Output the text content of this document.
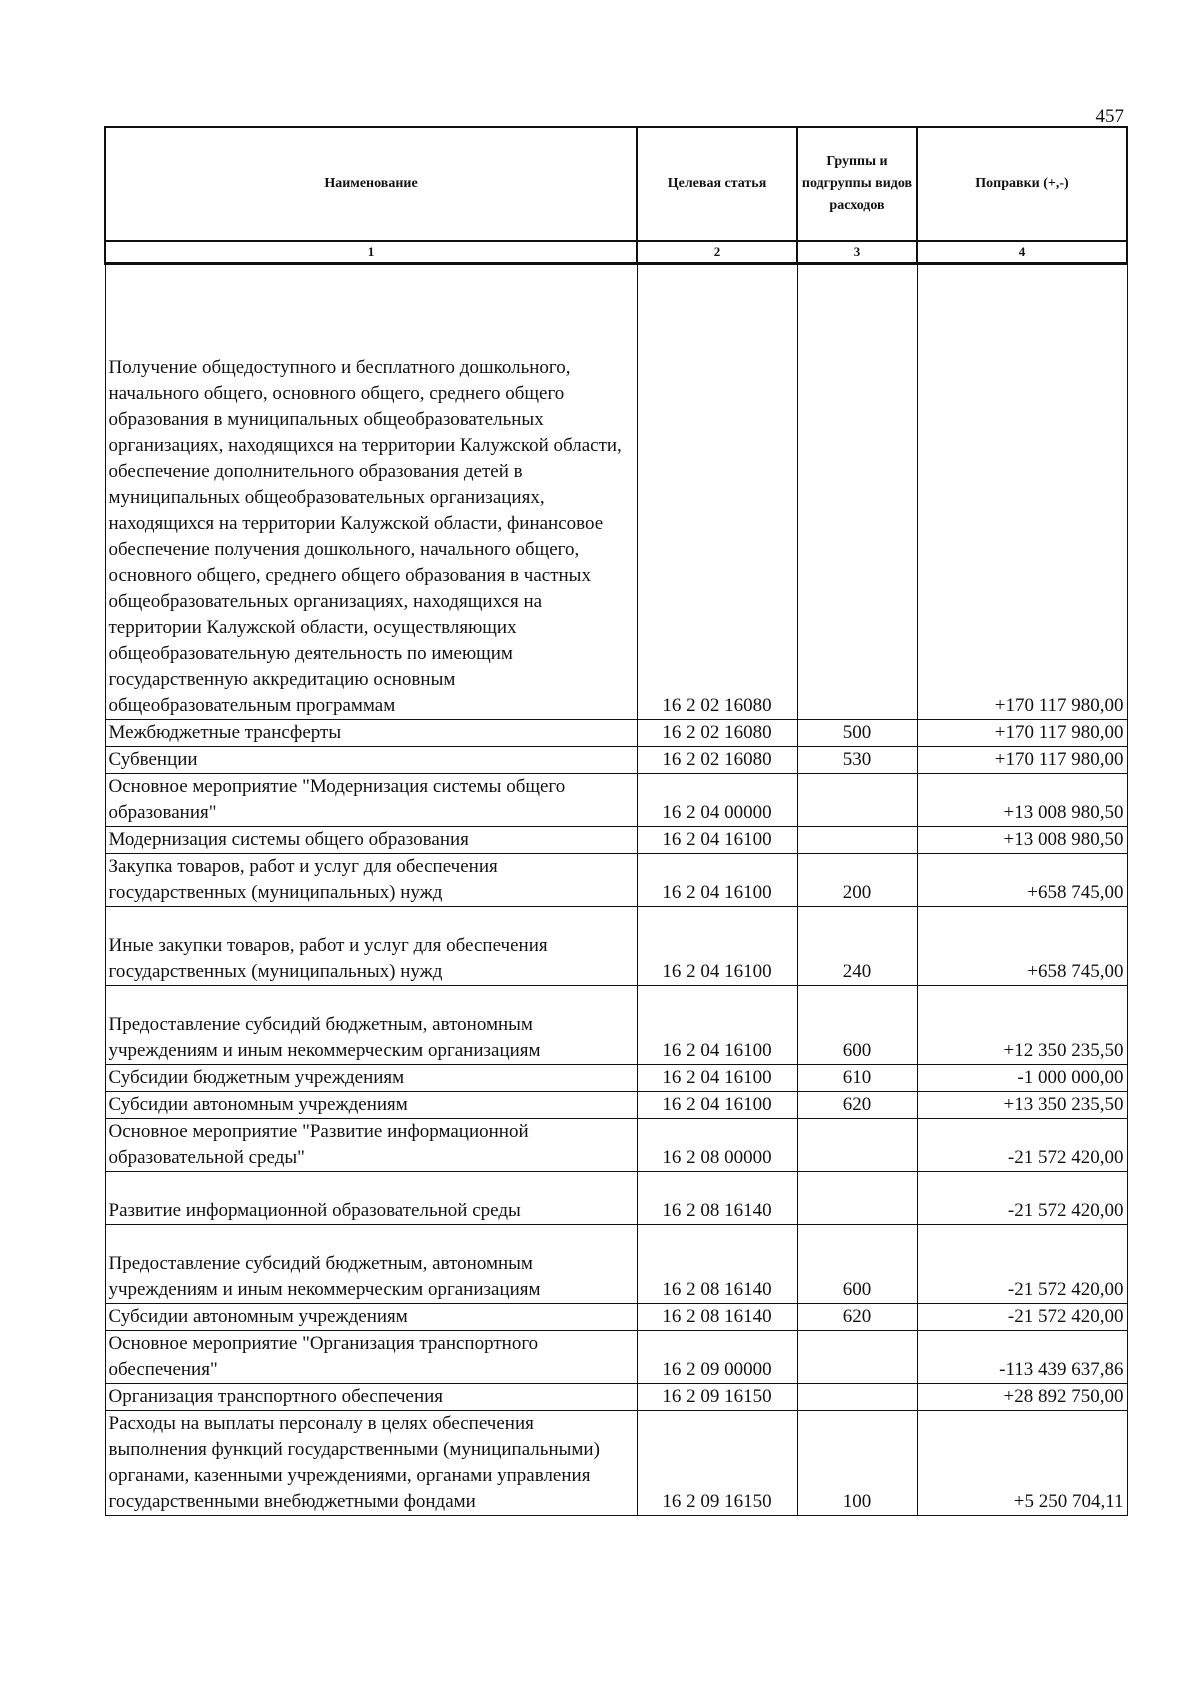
457
Наименование	Целевая статья	Группы и подгруппы видов расходов	Поправки (+,-)
1	2	3	4
Получение общедоступного и бесплатного дошкольного, начального общего, основного общего, среднего общего образования в муниципальных общеобразовательных организациях, находящихся на территории Калужской области, обеспечение дополнительного образования детей в муниципальных общеобразовательных организациях, находящихся на территории Калужской области, финансовое обеспечение получения дошкольного, начального общего, основного общего, среднего общего образования в частных общеобразовательных организациях, находящихся на территории Калужской области, осуществляющих общеобразовательную деятельность по имеющим государственную аккредитацию основным общеобразовательным программам	16 2 02 16080		+170 117 980,00
Межбюджетные трансферты	16 2 02 16080	500	+170 117 980,00
Субвенции	16 2 02 16080	530	+170 117 980,00
Основное мероприятие "Модернизация системы общего образования"	16 2 04 00000		+13 008 980,50
Модернизация системы общего образования	16 2 04 16100		+13 008 980,50
Закупка товаров, работ и услуг для обеспечения государственных (муниципальных) нужд	16 2 04 16100	200	+658 745,00
Иные закупки товаров, работ и услуг для обеспечения государственных (муниципальных) нужд	16 2 04 16100	240	+658 745,00
Предоставление субсидий бюджетным, автономным учреждениям и иным некоммерческим организациям	16 2 04 16100	600	+12 350 235,50
Субсидии бюджетным учреждениям	16 2 04 16100	610	-1 000 000,00
Субсидии автономным учреждениям	16 2 04 16100	620	+13 350 235,50
Основное мероприятие "Развитие информационной образовательной среды"	16 2 08 00000		-21 572 420,00
Развитие информационной образовательной среды	16 2 08 16140		-21 572 420,00
Предоставление субсидий бюджетным, автономным учреждениям и иным некоммерческим организациям	16 2 08 16140	600	-21 572 420,00
Субсидии автономным учреждениям	16 2 08 16140	620	-21 572 420,00
Основное мероприятие "Организация транспортного обеспечения"	16 2 09 00000		-113 439 637,86
Организация транспортного обеспечения	16 2 09 16150		+28 892 750,00
Расходы на выплаты персоналу в целях обеспечения выполнения функций государственными (муниципальными) органами, казенными учреждениями, органами управления государственными внебюджетными фондами	16 2 09 16150	100	+5 250 704,11
